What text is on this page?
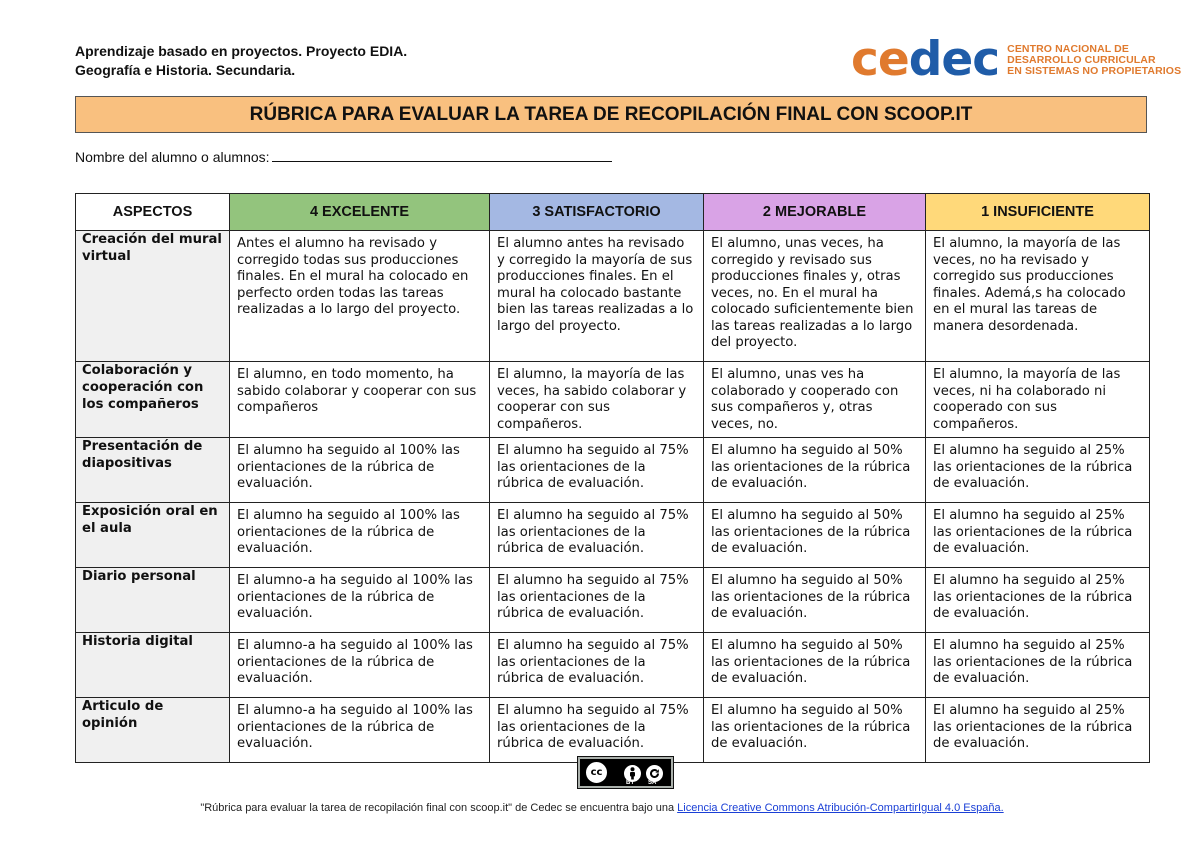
Aprendizaje basado en proyectos. Proyecto EDIA.
Geografía e Historia. Secundaria.	cedec CENTRO NACIONAL DE
DESARROLLO CURRICULAR
EN SISTEMAS NO PROPIETARIOS
RÚBRICA PARA EVALUAR LA TAREA DE RECOPILACIÓN FINAL CON SCOOP.IT
Nombre del alumno o alumnos:
ASPECTOS	4 EXCELENTE	3 SATISFACTORIO	2 MEJORABLE	1 INSUFICIENTE
Creación del mural virtual	Antes el alumno ha revisado y corregido todas sus producciones finales. En el mural ha colocado en perfecto orden todas las tareas realizadas a lo largo del proyecto.	El alumno antes ha revisado y corregido la mayoría de sus producciones finales. En el mural ha colocado bastante bien las tareas realizadas a lo largo del proyecto.	El alumno, unas veces, ha corregido y revisado sus producciones finales y, otras veces, no. En el mural ha colocado suficientemente bien las tareas realizadas a lo largo del proyecto.	El alumno, la mayoría de las veces, no ha revisado y corregido sus producciones finales. Ademá,s ha colocado en el mural las tareas de manera desordenada.
Colaboración y cooperación con los compañeros	El alumno, en todo momento, ha sabido colaborar y cooperar con sus compañeros	El alumno, la mayoría de las veces, ha sabido colaborar y cooperar con sus compañeros.	El alumno, unas ves ha colaborado y cooperado con sus compañeros y, otras veces, no.	El alumno, la mayoría de las veces, ni ha colaborado ni cooperado con sus compañeros.
Presentación de diapositivas	El alumno ha seguido al 100% las orientaciones de la rúbrica de evaluación.	El alumno ha seguido al 75% las orientaciones de la rúbrica de evaluación.	El alumno ha seguido al 50% las orientaciones de la rúbrica de evaluación.	El alumno ha seguido al 25% las orientaciones de la rúbrica de evaluación.
Exposición oral en el aula	El alumno ha seguido al 100% las orientaciones de la rúbrica de evaluación.	El alumno ha seguido al 75% las orientaciones de la rúbrica de evaluación.	El alumno ha seguido al 50% las orientaciones de la rúbrica de evaluación.	El alumno ha seguido al 25% las orientaciones de la rúbrica de evaluación.
Diario personal	El alumno-a ha seguido al 100% las orientaciones de la rúbrica de evaluación.	El alumno ha seguido al 75% las orientaciones de la rúbrica de evaluación.	El alumno ha seguido al 50% las orientaciones de la rúbrica de evaluación.	El alumno ha seguido al 25% las orientaciones de la rúbrica de evaluación.
Historia digital	El alumno-a ha seguido al 100% las orientaciones de la rúbrica de evaluación.	El alumno ha seguido al 75% las orientaciones de la rúbrica de evaluación.	El alumno ha seguido al 50% las orientaciones de la rúbrica de evaluación.	El alumno ha seguido al 25% las orientaciones de la rúbrica de evaluación.
Articulo de opinión	El alumno-a ha seguido al 100% las orientaciones de la rúbrica de evaluación.	El alumno ha seguido al 75% las orientaciones de la rúbrica de evaluación.	El alumno ha seguido al 50% las orientaciones de la rúbrica de evaluación.	El alumno ha seguido al 25% las orientaciones de la rúbrica de evaluación.
cc
BY SA
"Rúbrica para evaluar la tarea de recopilación final con scoop.it" de Cedec se encuentra bajo una Licencia Creative Commons Atribución-CompartirIgual 4.0 España.
